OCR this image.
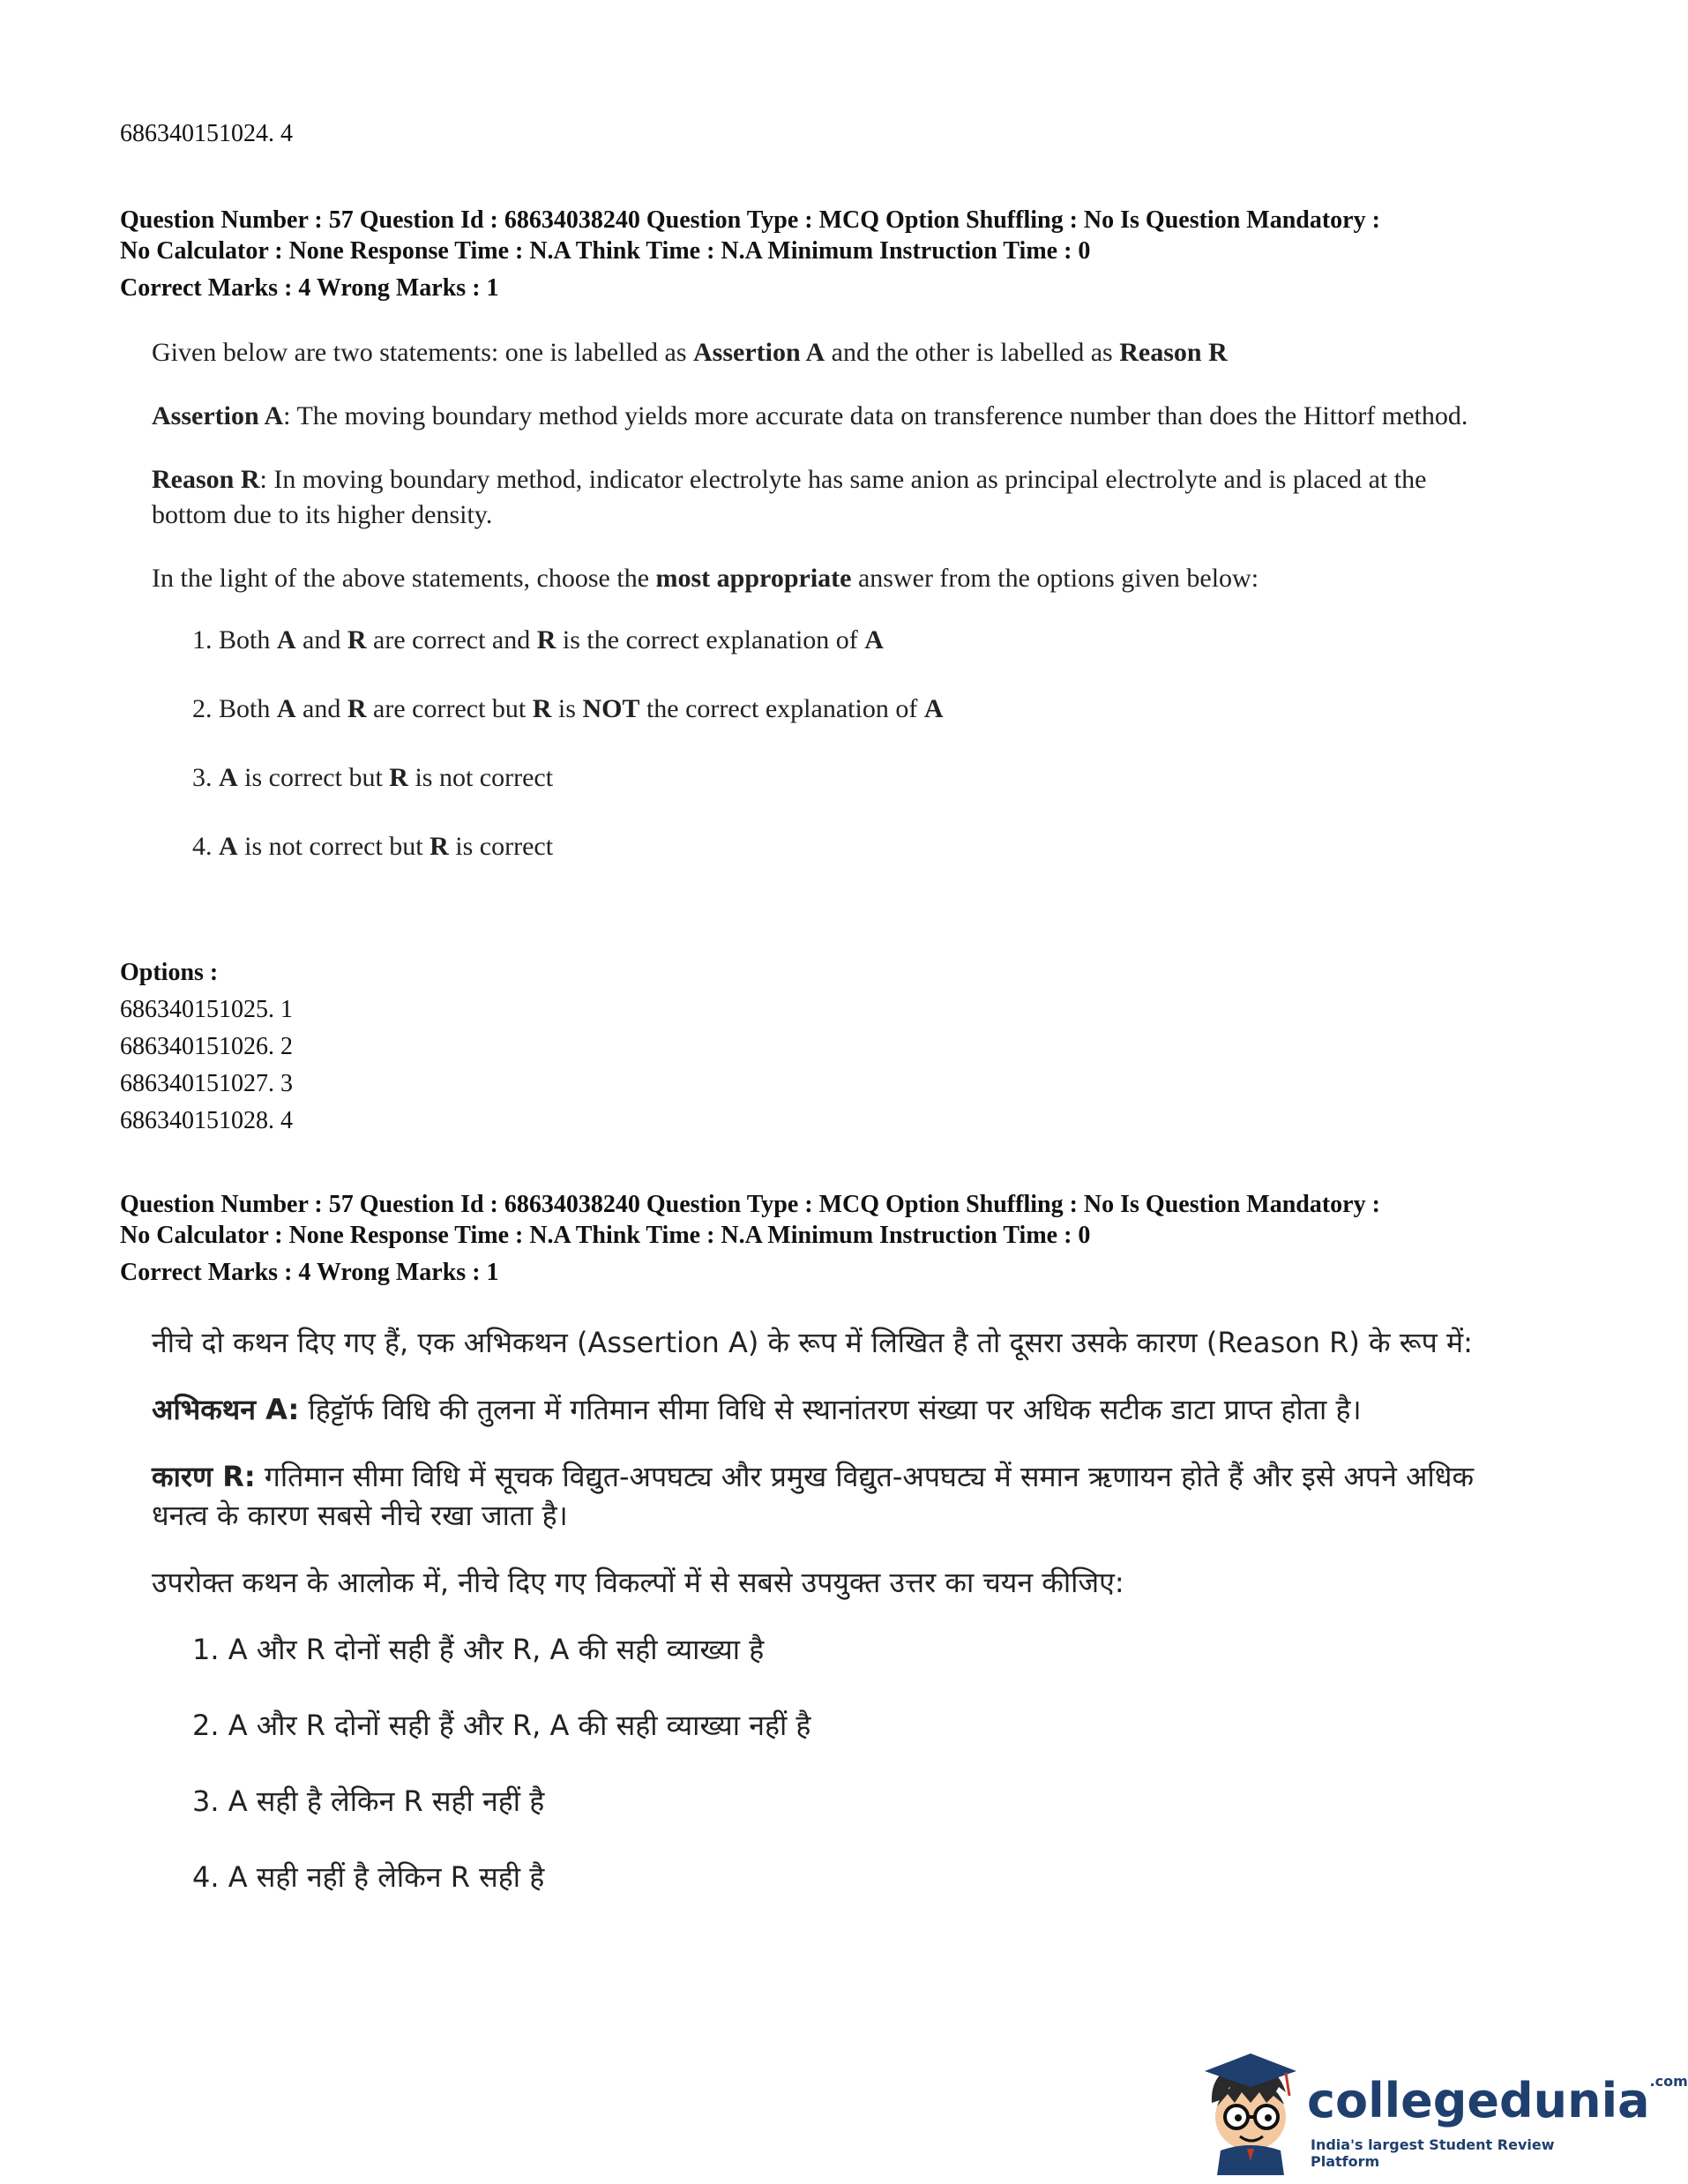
686340151024. 4
Question Number : 57 Question Id : 68634038240 Question Type : MCQ Option Shuffling : No Is Question Mandatory :
No Calculator : None Response Time : N.A Think Time : N.A Minimum Instruction Time : 0
Correct Marks : 4 Wrong Marks : 1

Given below are two statements: one is labelled as Assertion A and the other is labelled as Reason R

Assertion A: The moving boundary method yields more accurate data on transference number than does the Hittorf method.

Reason R: In moving boundary method, indicator electrolyte has same anion as principal electrolyte and is placed at the bottom due to its higher density.

In the light of the above statements, choose the most appropriate answer from the options given below:

1. Both A and R are correct and R is the correct explanation of A
2. Both A and R are correct but R is NOT the correct explanation of A
3. A is correct but R is not correct
4. A is not correct but R is correct
Options :
686340151025. 1
686340151026. 2
686340151027. 3
686340151028. 4
Question Number : 57 Question Id : 68634038240 Question Type : MCQ Option Shuffling : No Is Question Mandatory :
No Calculator : None Response Time : N.A Think Time : N.A Minimum Instruction Time : 0
Correct Marks : 4 Wrong Marks : 1

नीचे दो कथन दिए गए हैं, एक अभिकथन (Assertion A) के रूप में लिखित है तो दूसरा उसके कारण (Reason R) के रूप में:

अभिकथन A: हिट्टॉर्फ विधि की तुलना में गतिमान सीमा विधि से स्थानांतरण संख्या पर अधिक सटीक डाटा प्राप्त होता है।

कारण R: गतिमान सीमा विधि में सूचक विद्युत-अपघट्य और प्रमुख विद्युत-अपघट्य में समान ऋणायन होते हैं और इसे अपने अधिक धनत्व के कारण सबसे नीचे रखा जाता है।

उपरोक्त कथन के आलोक में, नीचे दिए गए विकल्पों में से सबसे उपयुक्त उत्तर का चयन कीजिए:

1. A और R दोनों सही हैं और R, A की सही व्याख्या है
2. A और R दोनों सही हैं और R, A की सही व्याख्या नहीं है
3. A सही है लेकिन R सही नहीं है
4. A सही नहीं है लेकिन R सही है
collegedunia$^{.com}$
India's largest Student Review Platform
